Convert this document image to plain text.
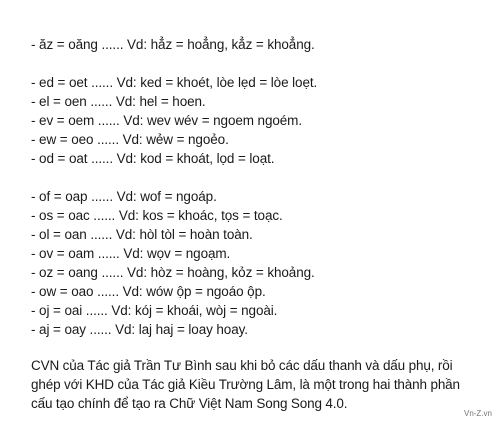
- ăz = oăng ...... Vd: hẳz = hoẳng, kẳz = khoẳng.
- ed = oet ...... Vd: ked = khoét, lòe lẹd = lòe loẹt.
- el = oen ...... Vd: hel = hoen.
- ev = oem ...... Vd: wev wév = ngoem ngoém.
- ew = oeo ...... Vd: wẻw = ngoẻo.
- od = oat ...... Vd: kod = khoát, lọd = loạt.
- of = oap ...... Vd: wof = ngoáp.
- os = oac ...... Vd: kos = khoác, tọs = toạc.
- ol = oan ...... Vd: hòl tòl = hoàn toàn.
- ov = oam ...... Vd: wọv = ngoạm.
- oz = oang ...... Vd: hòz = hoàng, kỏz = khoảng.
- ow = oao ...... Vd: wów ộp = ngoáo ộp.
- oj = oai ...... Vd: kój = khoái, wòj = ngoài.
- aj = oay ...... Vd: laj haj = loay hoay.
CVN của Tác giả Trần Tư Bình sau khi bỏ các dấu thanh và dấu phụ, rồi ghép với KHD của Tác giả Kiều Trường Lâm, là một trong hai thành phần cấu tạo chính để tạo ra Chữ Việt Nam Song Song 4.0.
Vn-Z.vn
